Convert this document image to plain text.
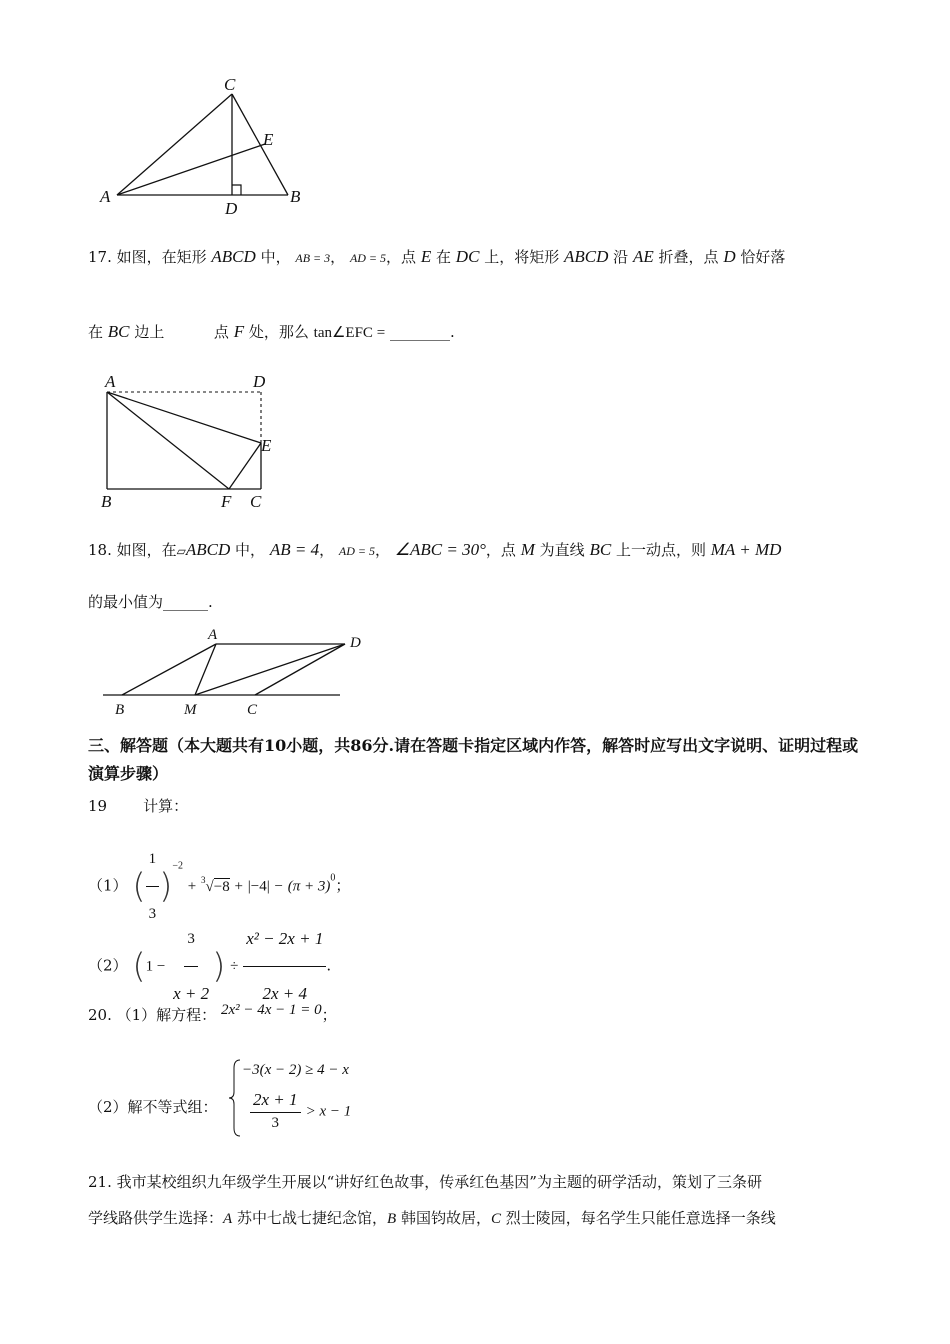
C
E
A
D
B
17. 如图，在矩形 ABCD 中， AB = 3， AD = 5，点 E 在 DC 上，将矩形 ABCD 沿 AE 折叠，点 D 恰好落
在 BC 边上	点 F 处，那么 tan∠EFC = ________.
A	D
E
B	F C
18. 如图，在▱ABCD 中， AB = 4， AD = 5， ∠ABC = 30°，点 M 为直线 BC 上一动点，则 MA + MD
的最小值为______.
A	D
B	M	C
三、解答题（本大题共有10小题，共86分.请在答题卡指定区域内作答，解答时应写出文字说明、证明过程或演算步骤）
19 计算：
（1） ( $\frac{1}{3} )^{-2} + ^3√-8 + |-4| - (\pi + 3)^0$；
（2） ($1 - \frac{3}{x + 2}$ ) ÷ $\frac{\text{x² − 2x + 1}}{2x + 4}$ .
20. （1）解方程： 2x² − 4x − 1 = 0；
（2）解不等式组：
−3(x − 2) ≥ 4 − x
$\frac{2x + 1}{3} > x - 1$
21. 我市某校组织九年级学生开展以“讲好红色故事，传承红色基因”为主题的研学活动，策划了三条研
学线路供学生选择：A 苏中七战七捷纪念馆，B 韩国钧故居，C 烈士陵园，每名学生只能任意选择一条线
